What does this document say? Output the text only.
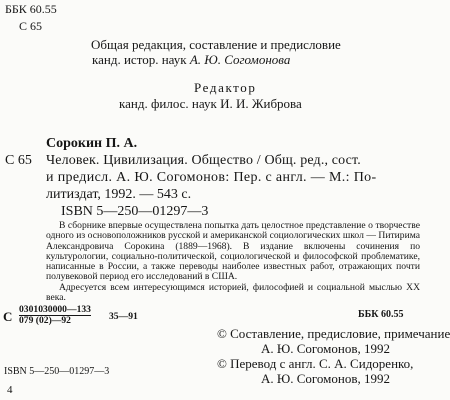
ББК 60.55
С 65
Общая редакция, составление и предисловие
канд. истор. наук А. Ю. Согомонова
Редактор
канд. филос. наук И. И. Жиброва
Сорокин П. А.
С 65 Человек. Цивилизация. Общество / Общ. ред., сост.
и предисл. А. Ю. Согомонов: Пер. с англ. — М.: По-
литиздат, 1992. — 543 с.
ISBN 5—250—01297—3
В сборнике впервые осуществлена попытка дать целостное представление о творчестве одного из основоположников русской и американской социологических школ — Питирима Александровича Сорокина (1889—1968). В издание включены сочинения по культурологии, социально-политической, социологической и философской проблематике, написанные в России, а также переводы наиболее известных работ, отражающих почти полувековой период его исследований в США.
Адресуется всем интересующимся историей, философией и социальной мыслью XX века.
С 0301030000—133
079 (02)—92	35—91	ББК 60.55
© Составление, предисловие, примечание
А. Ю. Согомонов, 1992
© Перевод с англ. С. А. Сидоренко,
А. Ю. Согомонов, 1992
ISBN 5—250—01297—3
4
